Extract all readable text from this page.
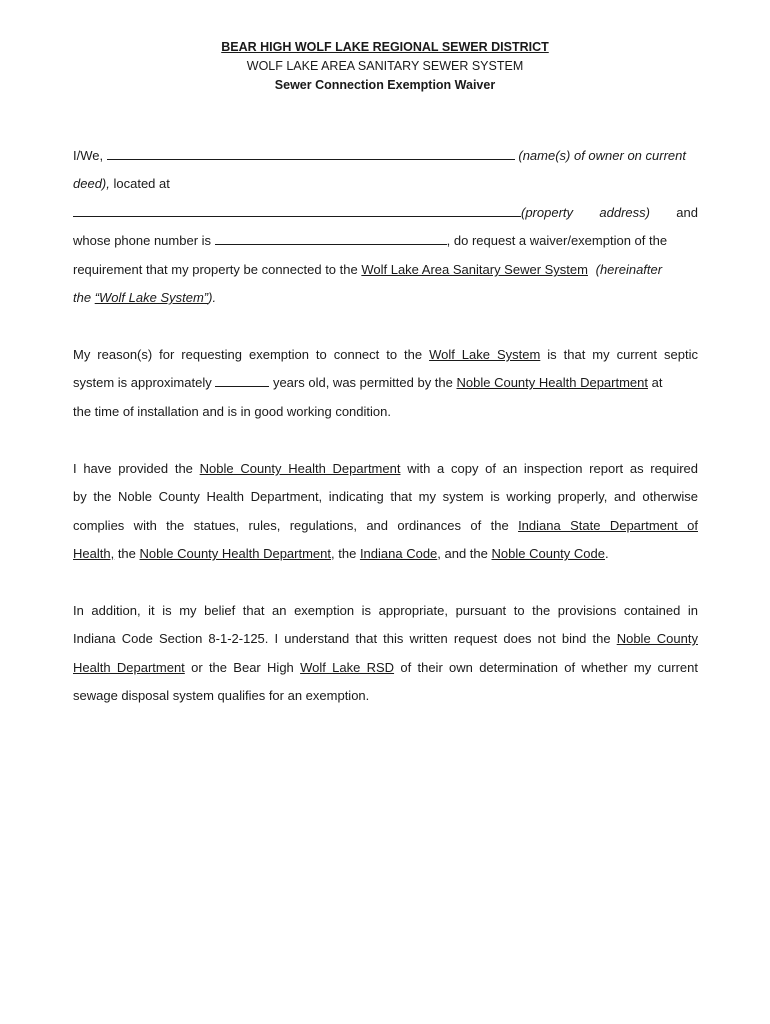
BEAR HIGH WOLF LAKE REGIONAL SEWER DISTRICT
WOLF LAKE AREA SANITARY SEWER SYSTEM
Sewer Connection Exemption Waiver
I/We,	(name(s) of owner on current
deed), located at
(property address) and
whose phone number is	, do request a waiver/exemption of the
requirement that my property be connected to the Wolf Lake Area Sanitary Sewer System (hereinafter
the “Wolf Lake System”).
My reason(s) for requesting exemption to connect to the Wolf Lake System is that my current septic
system is approximately	years old, was permitted by the Noble County Health Department at
the time of installation and is in good working condition.
I have provided the Noble County Health Department with a copy of an inspection report as required
by the Noble County Health Department, indicating that my system is working properly, and otherwise
complies with the statues, rules, regulations, and ordinances of the Indiana State Department of
Health, the Noble County Health Department, the Indiana Code, and the Noble County Code.
In addition, it is my belief that an exemption is appropriate, pursuant to the provisions contained in
Indiana Code Section 8-1-2-125. I understand that this written request does not bind the Noble County
Health Department or the Bear High Wolf Lake RSD of their own determination of whether my current
sewage disposal system qualifies for an exemption.
